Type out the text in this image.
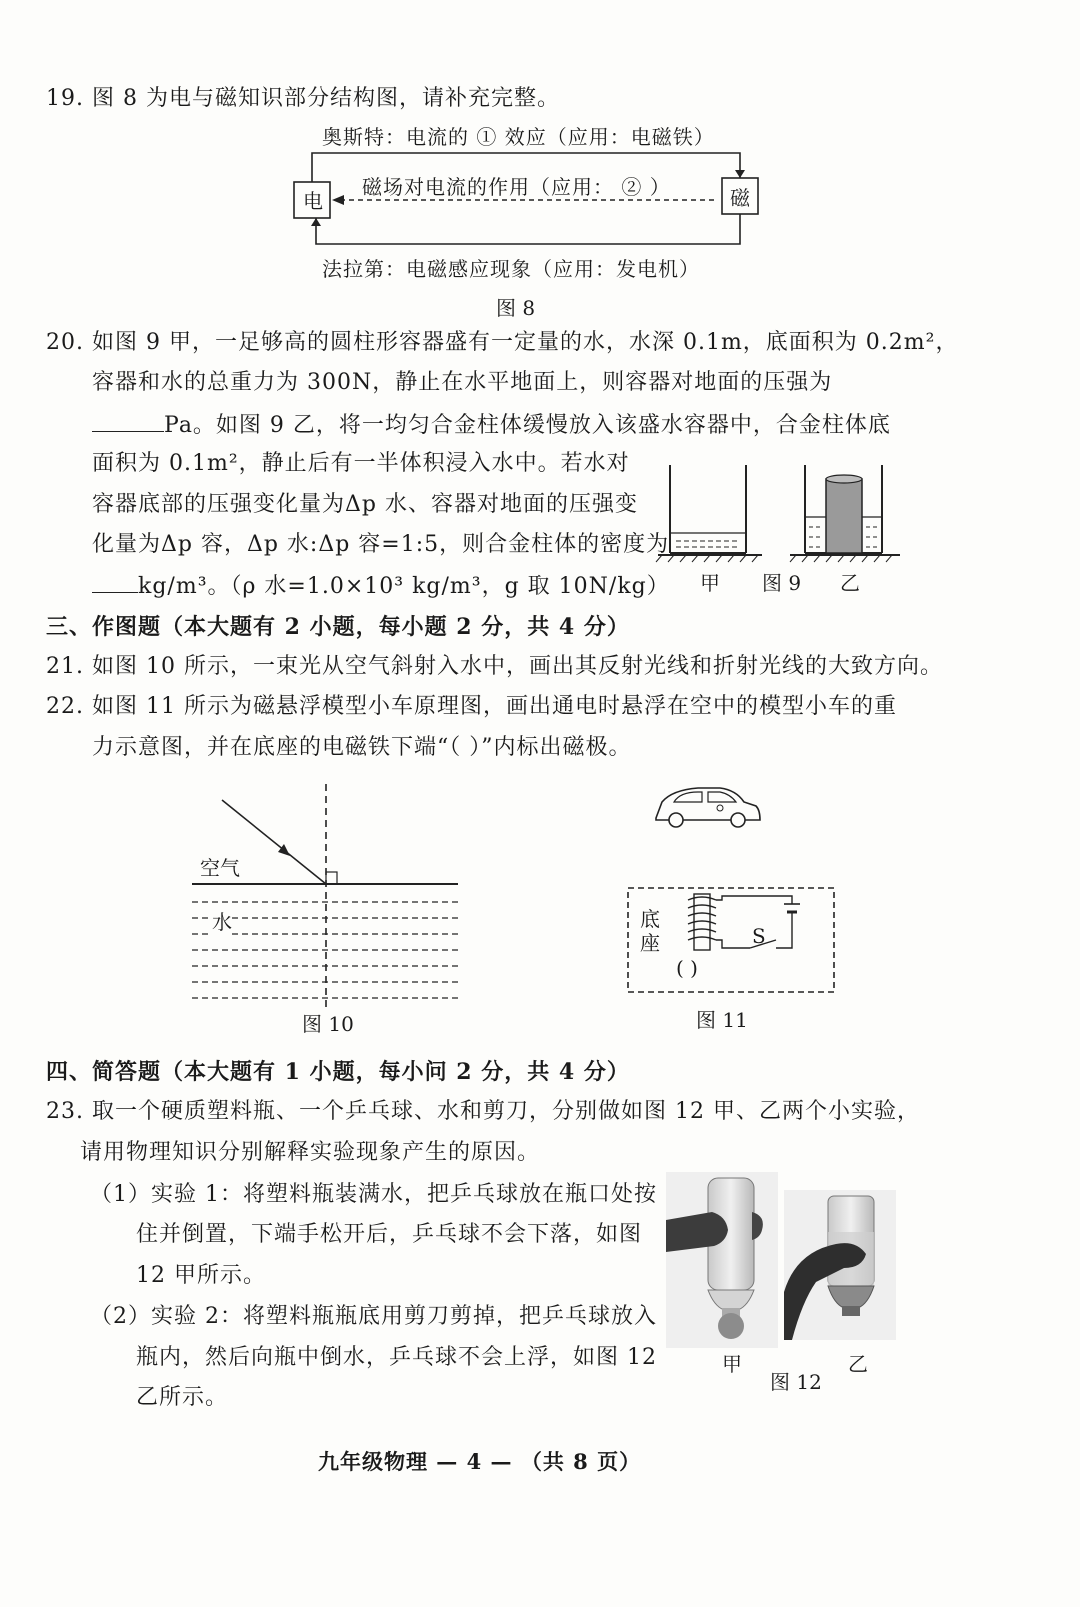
19. 图 8 为电与磁知识部分结构图，请补充完整。
奥斯特：电流的 ① 效应（应用：电磁铁）
磁场对电流的作用（应用： ② ）
电	磁
法拉第：电磁感应现象（应用：发电机）
图 8
20. 如图 9 甲，一足够高的圆柱形容器盛有一定量的水，水深 0.1m，底面积为 0.2m²，
容器和水的总重力为 300N，静止在水平地面上，则容器对地面的压强为
Pa。如图 9 乙，将一均匀合金柱体缓慢放入该盛水容器中，合金柱体底
面积为 0.1m²，静止后有一半体积浸入水中。若水对
容器底部的压强变化量为Δp 水、容器对地面的压强变
化量为Δp 容，Δp 水:Δp 容=1:5，则合金柱体的密度为
kg/m³。（ρ 水=1.0×10³ kg/m³，g 取 10N/kg） 甲 图 9 乙
三、作图题（本大题有 2 小题，每小题 2 分，共 4 分）
21. 如图 10 所示，一束光从空气斜射入水中，画出其反射光线和折射光线的大致方向。
22. 如图 11 所示为磁悬浮模型小车原理图，画出通电时悬浮在空中的模型小车的重
力示意图，并在底座的电磁铁下端“（ ）”内标出磁极。
空气
水
图 10
底
座	S
( )
图 11
四、简答题（本大题有 1 小题，每小问 2 分，共 4 分）
23. 取一个硬质塑料瓶、一个乒乓球、水和剪刀，分别做如图 12 甲、乙两个小实验，
请用物理知识分别解释实验现象产生的原因。
（1）实验 1：将塑料瓶装满水，把乒乓球放在瓶口处按
住并倒置，下端手松开后，乒乓球不会下落，如图
12 甲所示。
（2）实验 2：将塑料瓶瓶底用剪刀剪掉，把乒乓球放入
瓶内，然后向瓶中倒水，乒乓球不会上浮，如图 12
乙所示。
甲
图 12
乙
九年级物理 — 4 — （共 8 页）
